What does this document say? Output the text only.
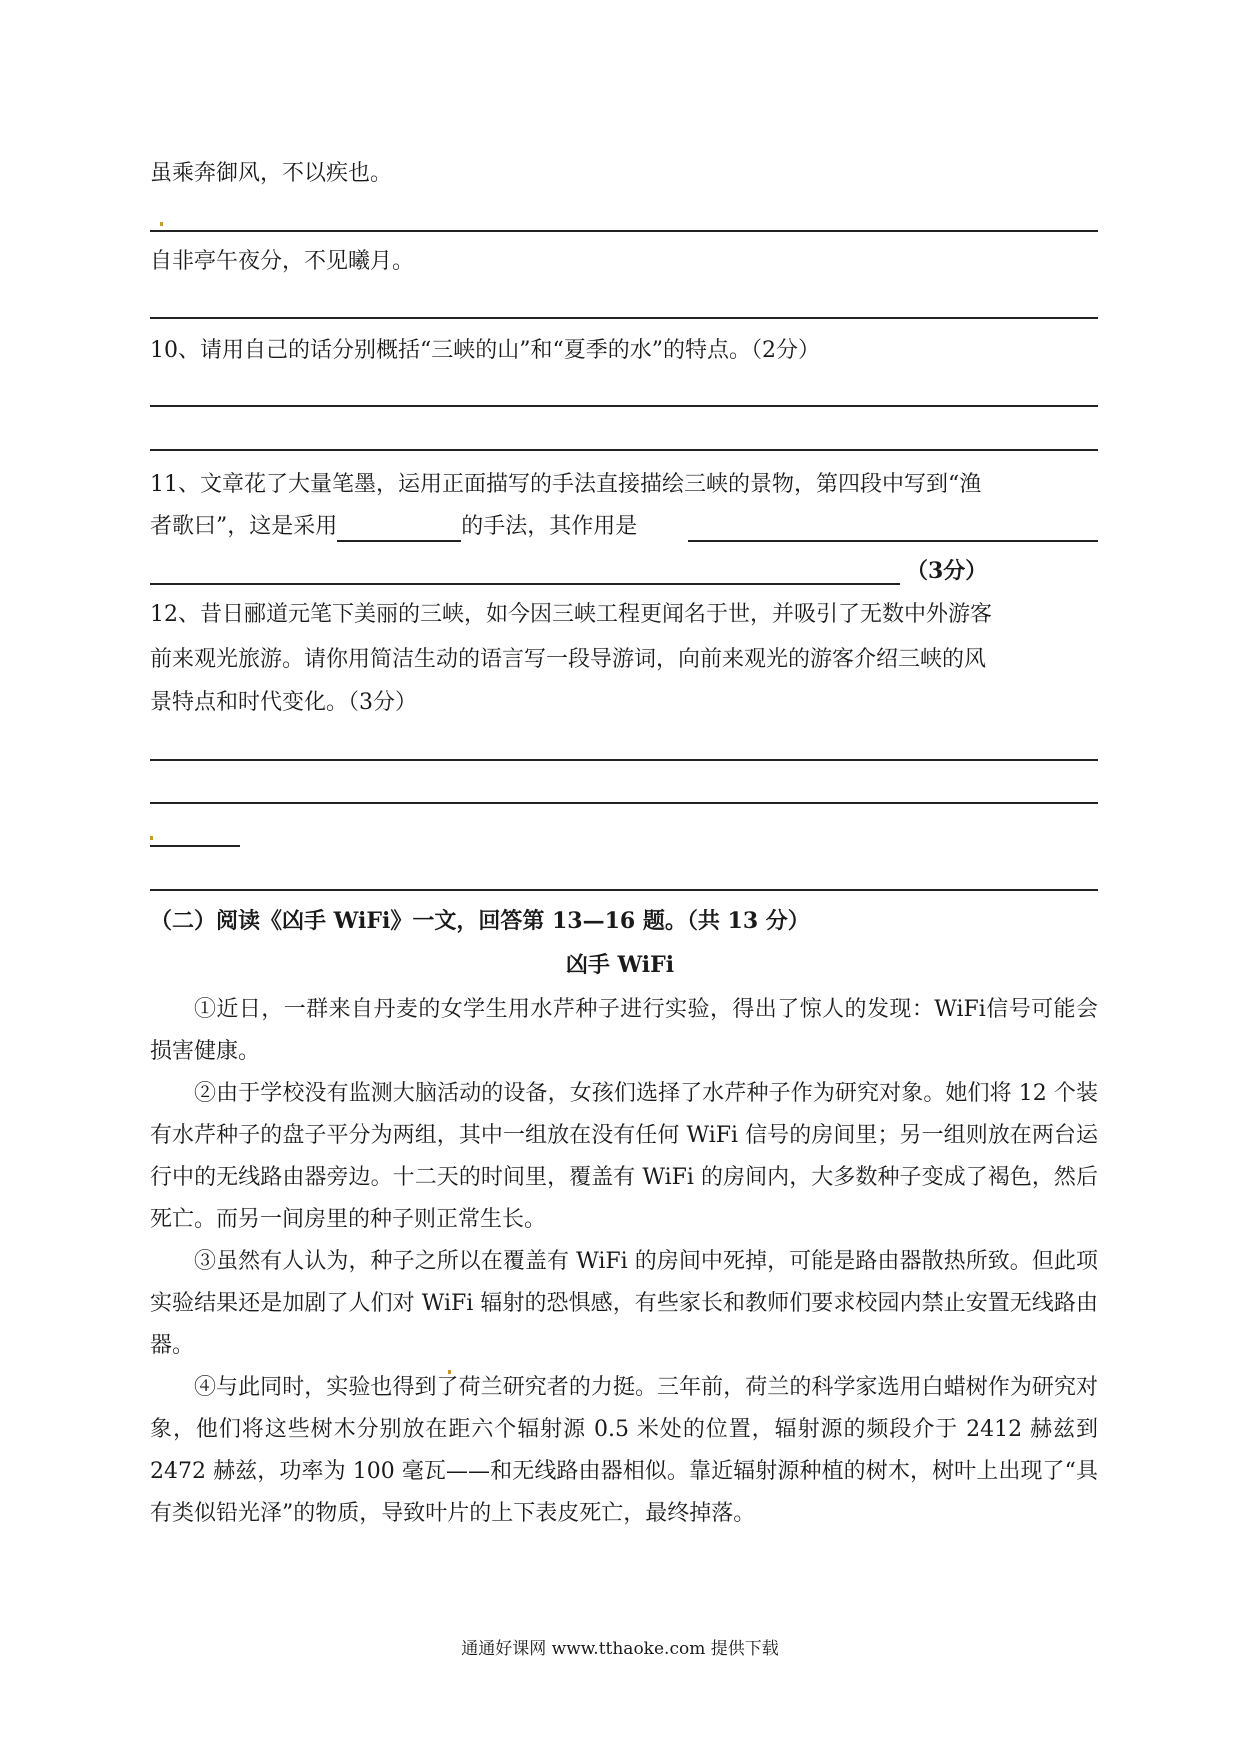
虽乘奔御风，不以疾也。
自非亭午夜分，不见曦月。
10、请用自己的话分别概括“三峡的山”和“夏季的水”的特点。（2分）
11、文章花了大量笔墨，运用正面描写的手法直接描绘三峡的景物，第四段中写到“渔
者歌曰”，这是采用	的手法，其作用是
（3分）
12、昔日郦道元笔下美丽的三峡，如今因三峡工程更闻名于世，并吸引了无数中外游客
前来观光旅游。请你用简洁生动的语言写一段导游词，向前来观光的游客介绍三峡的风
景特点和时代变化。（3分）
（二）阅读《凶手 WiFi》一文，回答第 13—16 题。（共 13 分）
凶手 WiFi

①近日，一群来自丹麦的女学生用水芹种子进行实验，得出了惊人的发现：WiFi信号可能会损害健康。

②由于学校没有监测大脑活动的设备，女孩们选择了水芹种子作为研究对象。她们将 12 个装有水芹种子的盘子平分为两组，其中一组放在没有任何 WiFi 信号的房间里；另一组则放在两台运行中的无线路由器旁边。十二天的时间里，覆盖有 WiFi 的房间内，大多数种子变成了褐色，然后死亡。而另一间房里的种子则正常生长。

③虽然有人认为，种子之所以在覆盖有 WiFi 的房间中死掉，可能是路由器散热所致。但此项实验结果还是加剧了人们对 WiFi 辐射的恐惧感，有些家长和教师们要求校园内禁止安置无线路由器。

④与此同时，实验也得到了荷兰研究者的力挺。三年前，荷兰的科学家选用白蜡树作为研究对象，他们将这些树木分别放在距六个辐射源 0.5 米处的位置，辐射源的频段介于 2412 赫兹到 2472 赫兹，功率为 100 毫瓦——和无线路由器相似。靠近辐射源种植的树木，树叶上出现了“具有类似铅光泽”的物质，导致叶片的上下表皮死亡，最终掉落。

通通好课网 www.tthaoke.com 提供下载
